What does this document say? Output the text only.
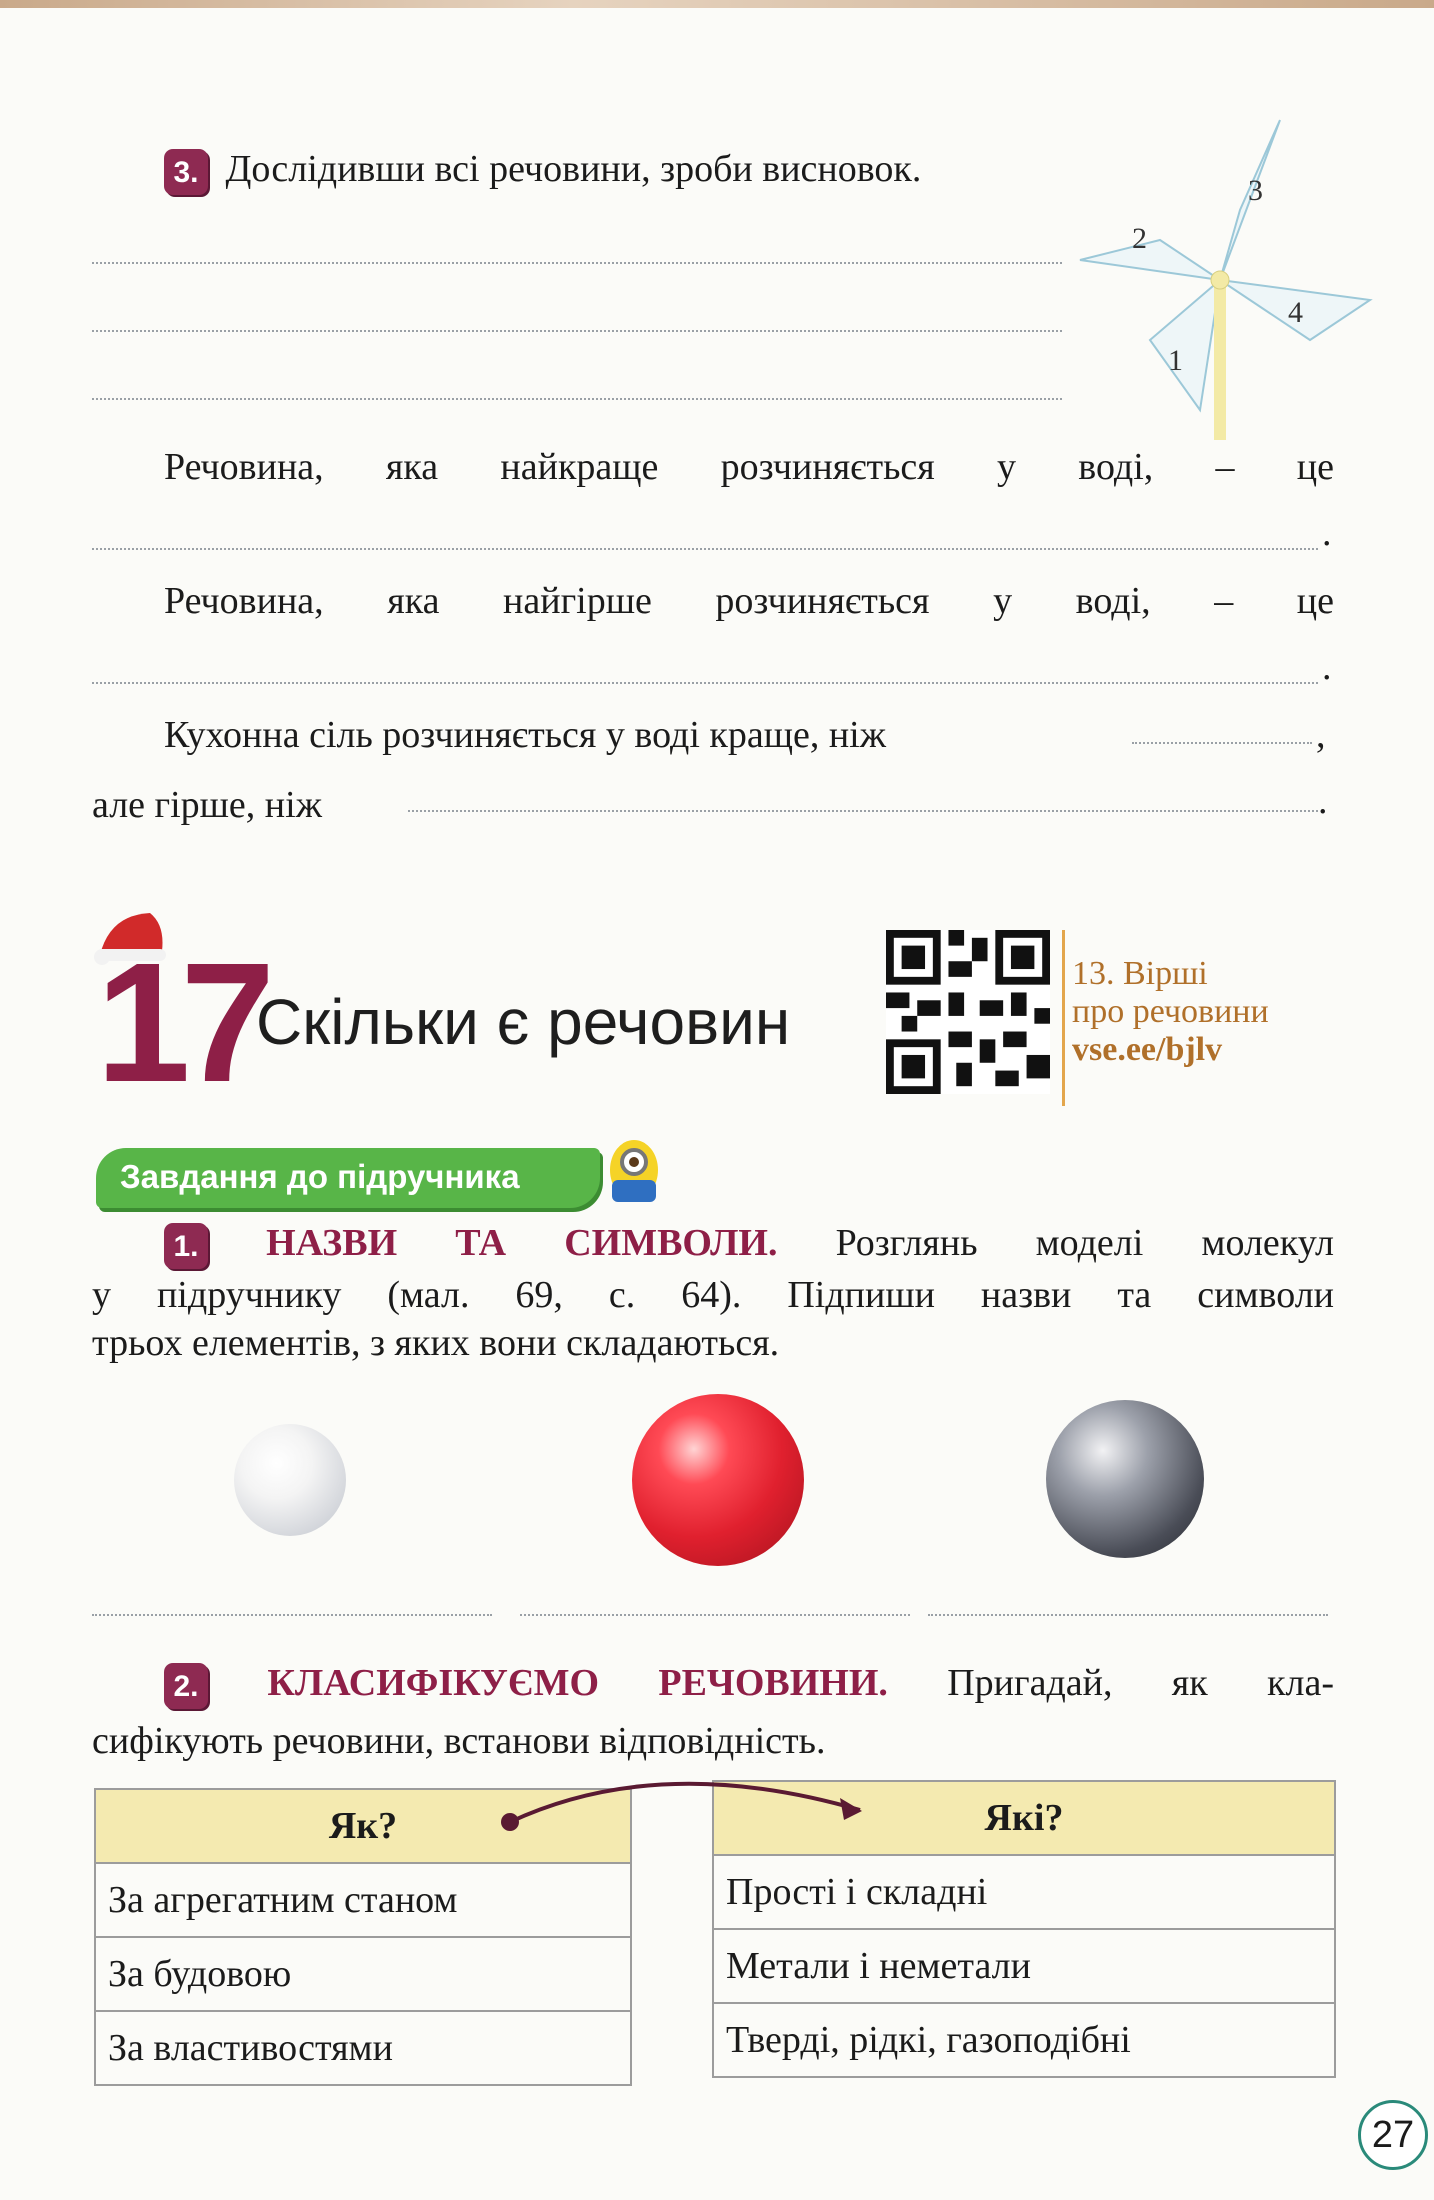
3. Дослідивши всі речовини, зроби висновок.
2
3
4
1
Речовина, яка найкраще розчиняється у воді, – це
.
Речовина, яка найгірше розчиняється у воді, – це
.
Кухонна сіль розчиняється у воді краще, ніж	,
але гірше, ніж	.
17
Скільки є речовин
13. Вірші
про речовини
vse.ee/bjlv
Завдання до підручника
1. НАЗВИ ТА СИМВОЛИ. Розглянь моделі молекул
у підручнику (мал. 69, с. 64). Підпиши назви та символи
трьох елементів, з яких вони складаються.
2. КЛАСИФІКУЄМО РЕЧОВИНИ. Пригадай, як кла-
сифікують речовини, встанови відповідність.
Як?
За агрегатним станом
За будовою
За властивостями
Які?
Прості і складні
Метали і неметали
Тверді, рідкі, газоподібні
27
